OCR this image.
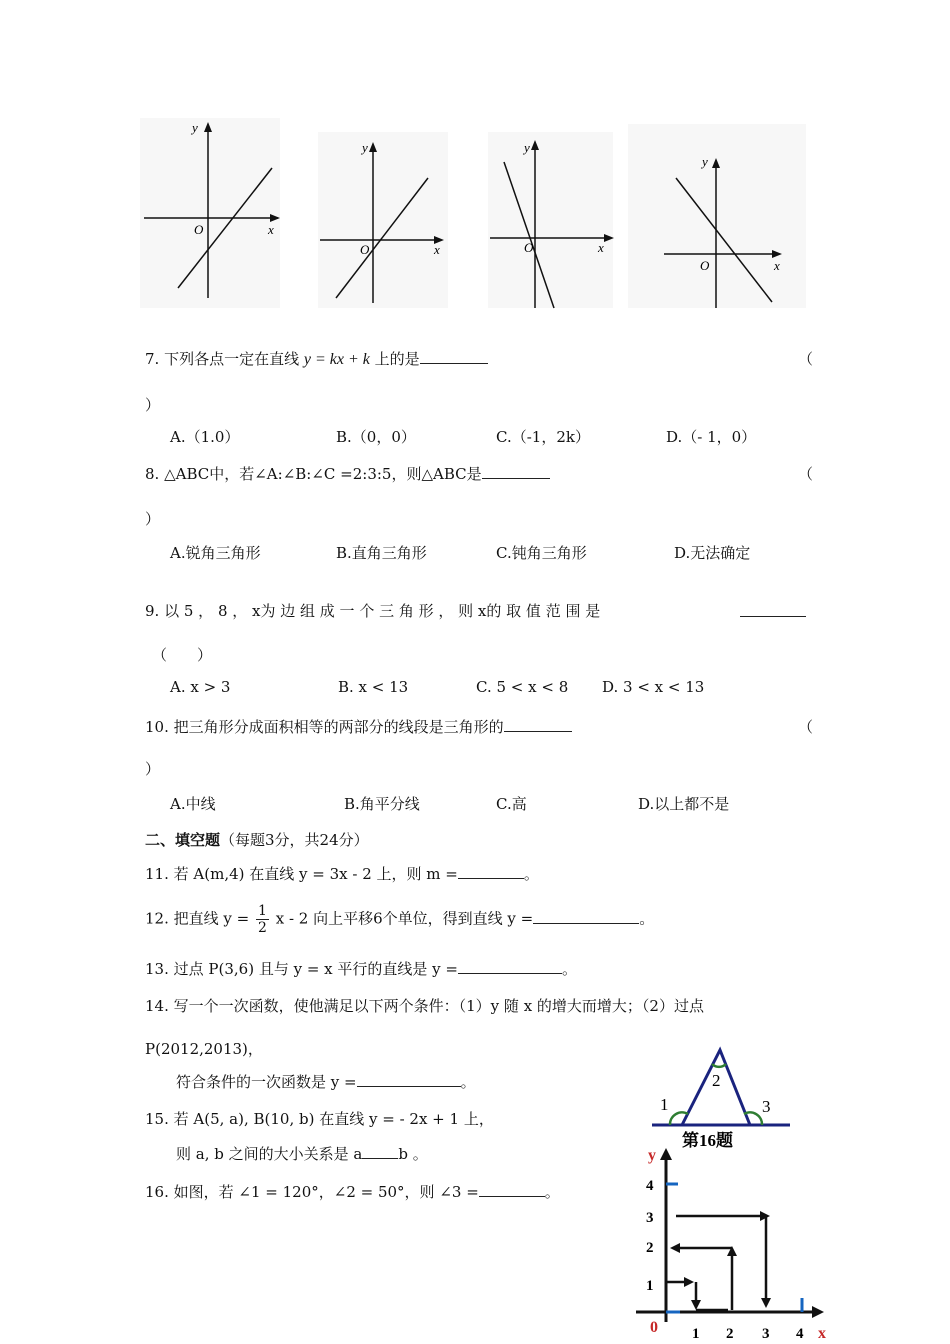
y
x
O
y
x
O
y
x
O
y
x
O
7. 下列各点一定在直线 y = kx + k 上的是	（
）
A.（1.0）	B.（0，0）	C.（-1，2k）	D.（- 1，0）
8. △ABC中，若∠A:∠B:∠C =2:3:5，则△ABC是	（
）
A.锐角三角形	B.直角三角形	C.钝角三角形	D.无法确定
9. 以 5 ， 8 ， x为 边 组 成 一 个 三 角 形 ， 则 x的 取 值 范 围 是
（　　）
A. x > 3	B. x < 13	C. 5 < x < 8 D. 3 < x < 13
10. 把三角形分成面积相等的两部分的线段是三角形的	（
）
A.中线	B.角平分线	C.高	D.以上都不是
二、填空题（每题3分，共24分）
11. 若 A(m,4) 在直线 y = 3x - 2 上，则 m =	。
12. 把直线 $y = \frac{1}{2}$ x - 2 向上平移6个单位，得到直线 y =	。
13. 过点 P(3,6) 且与 y = x 平行的直线是 y =	。
14. 写一个一次函数，使他满足以下两个条件：（1）y 随 x 的增大而增大；（2）过点
P(2012,2013)，
符合条件的一次函数是 y =	。
15. 若 A(5, a), B(10, b) 在直线 y = - 2x + 1 上，
则 a, b 之间的大小关系是 a b 。
16. 如图，若 ∠1 = 120°，∠2 = 50°，则 ∠3 =	。
1
2
3
第16题
y
x
0
1
2
3
4
1 2 3 4
